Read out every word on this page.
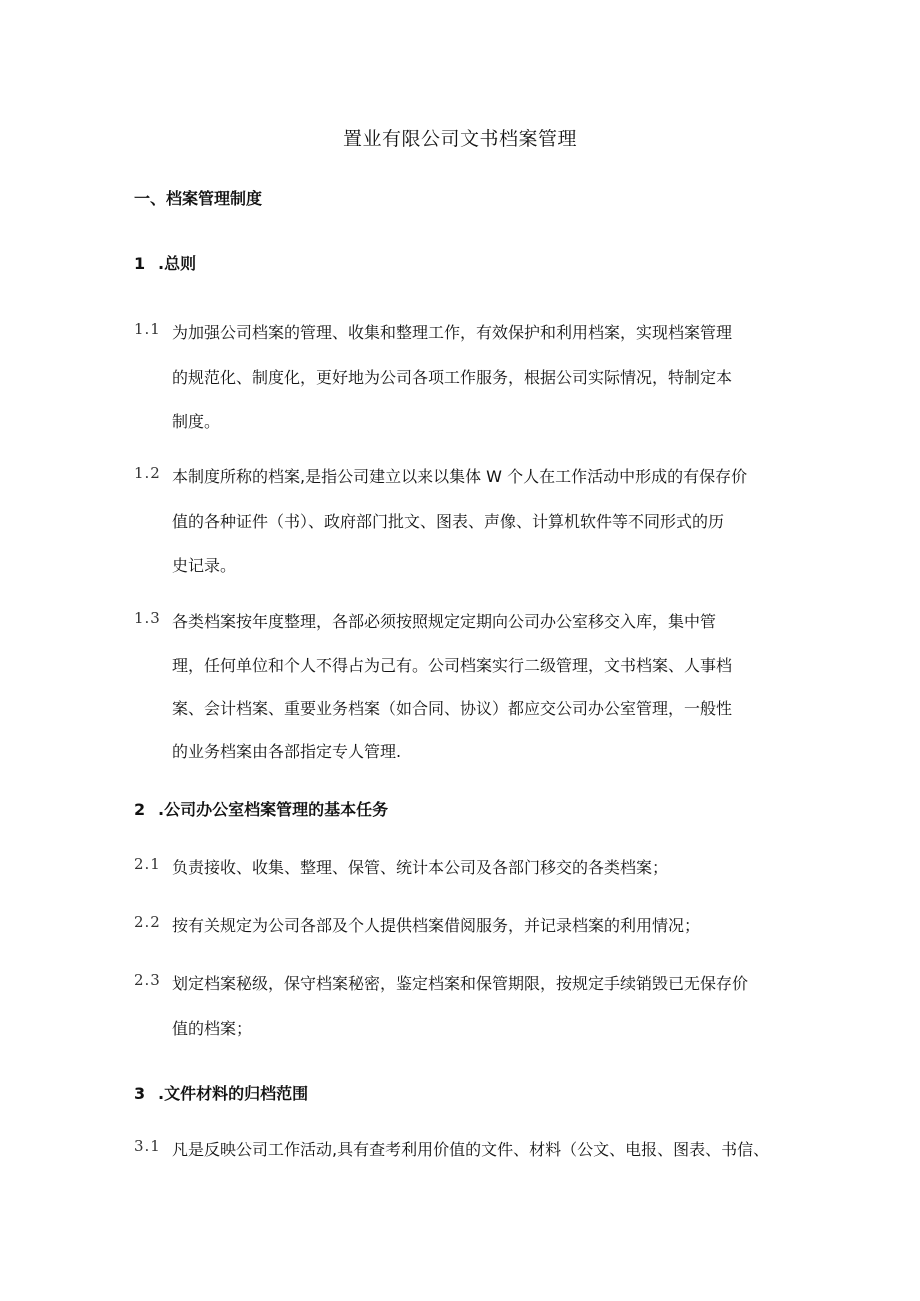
置业有限公司文书档案管理
一、档案管理制度
1 .总则
1.1 为加强公司档案的管理、收集和整理工作，有效保护和利用档案，实现档案管理
的规范化、制度化，更好地为公司各项工作服务，根据公司实际情况，特制定本
制度。
1.2 本制度所称的档案,是指公司建立以来以集体 W 个人在工作活动中形成的有保存价
值的各种证件（书）、政府部门批文、图表、声像、计算机软件等不同形式的历
史记录。
1.3 各类档案按年度整理，各部必须按照规定定期向公司办公室移交入库，集中管
理，任何单位和个人不得占为己有。公司档案实行二级管理，文书档案、人事档
案、会计档案、重要业务档案（如合同、协议）都应交公司办公室管理，一般性
的业务档案由各部指定专人管理.
2 .公司办公室档案管理的基本任务
2.1 负责接收、收集、整理、保管、统计本公司及各部门移交的各类档案；
2.2 按有关规定为公司各部及个人提供档案借阅服务，并记录档案的利用情况；
2.3 划定档案秘级，保守档案秘密，鉴定档案和保管期限，按规定手续销毁已无保存价
值的档案；
3 .文件材料的归档范围
3.1 凡是反映公司工作活动,具有查考利用价值的文件、材料（公文、电报、图表、书信、
